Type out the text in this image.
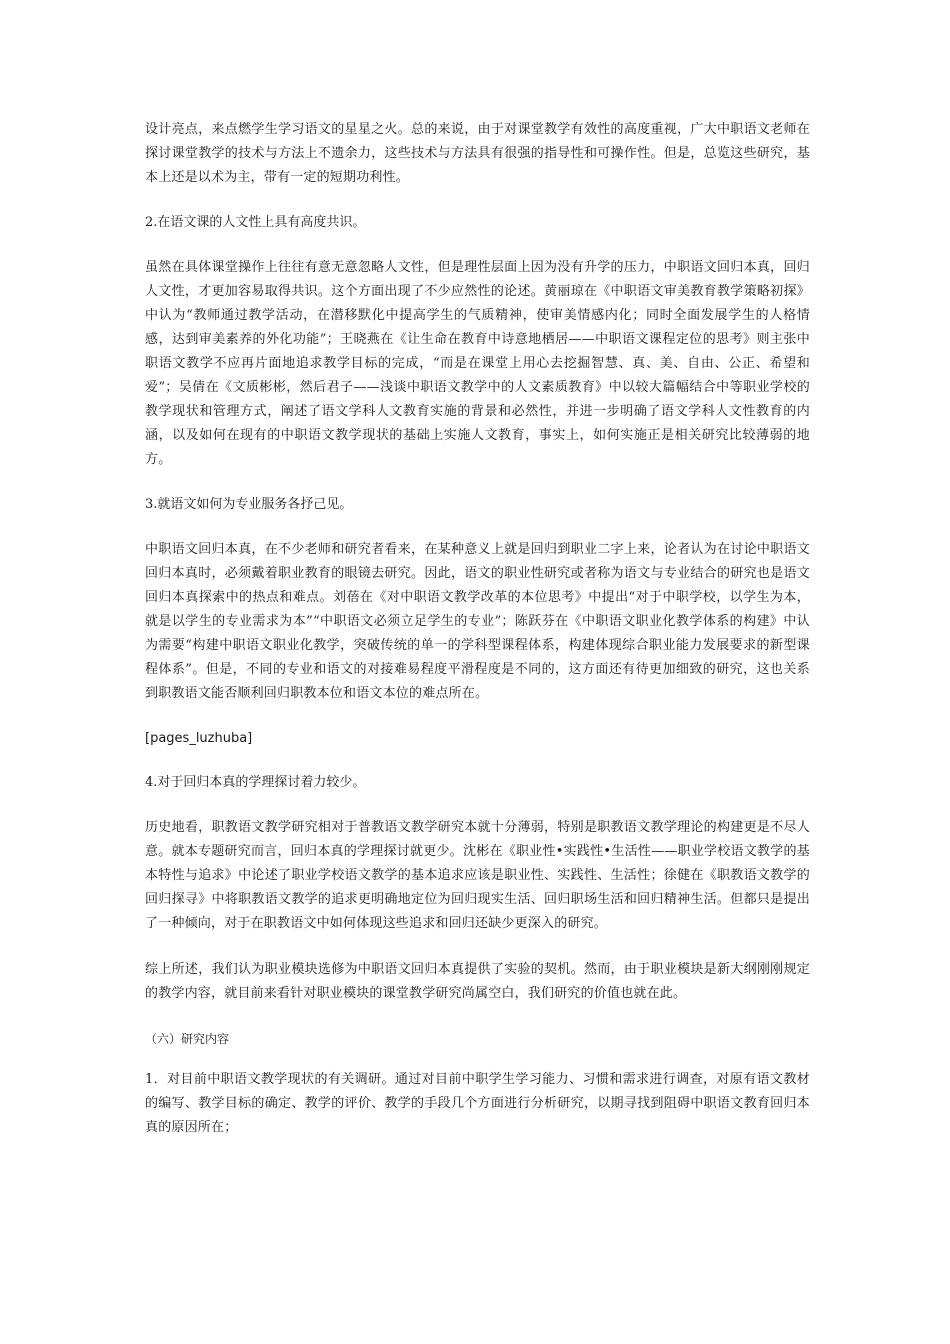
设计亮点，来点燃学生学习语文的星星之火。总的来说，由于对课堂教学有效性的高度重视，广大中职语文老师在探讨课堂教学的技术与方法上不遗余力，这些技术与方法具有很强的指导性和可操作性。但是，总览这些研究，基本上还是以术为主，带有一定的短期功利性。

2.在语文课的人文性上具有高度共识。

虽然在具体课堂操作上往往有意无意忽略人文性，但是理性层面上因为没有升学的压力，中职语文回归本真，回归人文性，才更加容易取得共识。这个方面出现了不少应然性的论述。黄丽琼在《中职语文审美教育教学策略初探》中认为“教师通过教学活动，在潜移默化中提高学生的气质精神，使审美情感内化；同时全面发展学生的人格情感，达到审美素养的外化功能”；王晓燕在《让生命在教育中诗意地栖居——中职语文课程定位的思考》则主张中职语文教学不应再片面地追求教学目标的完成，“而是在课堂上用心去挖掘智慧、真、美、自由、公正、希望和爱”；吴倩在《文质彬彬，然后君子——浅谈中职语文教学中的人文素质教育》中以较大篇幅结合中等职业学校的教学现状和管理方式，阐述了语文学科人文教育实施的背景和必然性，并进一步明确了语文学科人文性教育的内涵，以及如何在现有的中职语文教学现状的基础上实施人文教育，事实上，如何实施正是相关研究比较薄弱的地方。

3.就语文如何为专业服务各抒己见。

中职语文回归本真，在不少老师和研究者看来，在某种意义上就是回归到职业二字上来，论者认为在讨论中职语文回归本真时，必须戴着职业教育的眼镜去研究。因此，语文的职业性研究或者称为语文与专业结合的研究也是语文回归本真探索中的热点和难点。刘蓓在《对中职语文教学改革的本位思考》中提出“对于中职学校，以学生为本，就是以学生的专业需求为本”“中职语文必须立足学生的专业”；陈跃芬在《中职语文职业化教学体系的构建》中认为需要“构建中职语文职业化教学，突破传统的单一的学科型课程体系，构建体现综合职业能力发展要求的新型课程体系”。但是，不同的专业和语文的对接难易程度平滑程度是不同的，这方面还有待更加细致的研究，这也关系到职教语文能否顺利回归职教本位和语文本位的难点所在。

[pages_luzhuba]

4.对于回归本真的学理探讨着力较少。

历史地看，职教语文教学研究相对于普教语文教学研究本就十分薄弱，特别是职教语文教学理论的构建更是不尽人意。就本专题研究而言，回归本真的学理探讨就更少。沈彬在《职业性•实践性•生活性——职业学校语文教学的基本特性与追求》中论述了职业学校语文教学的基本追求应该是职业性、实践性、生活性；徐健在《职教语文教学的回归探寻》中将职教语文教学的追求更明确地定位为回归现实生活、回归职场生活和回归精神生活。但都只是提出了一种倾向，对于在职教语文中如何体现这些追求和回归还缺少更深入的研究。

综上所述，我们认为职业模块选修为中职语文回归本真提供了实验的契机。然而，由于职业模块是新大纲刚刚规定的教学内容，就目前来看针对职业模块的课堂教学研究尚属空白，我们研究的价值也就在此。

（六）研究内容

1．对目前中职语文教学现状的有关调研。通过对目前中职学生学习能力、习惯和需求进行调查，对原有语文教材的编写、教学目标的确定、教学的评价、教学的手段几个方面进行分析研究，以期寻找到阻碍中职语文教育回归本真的原因所在；
